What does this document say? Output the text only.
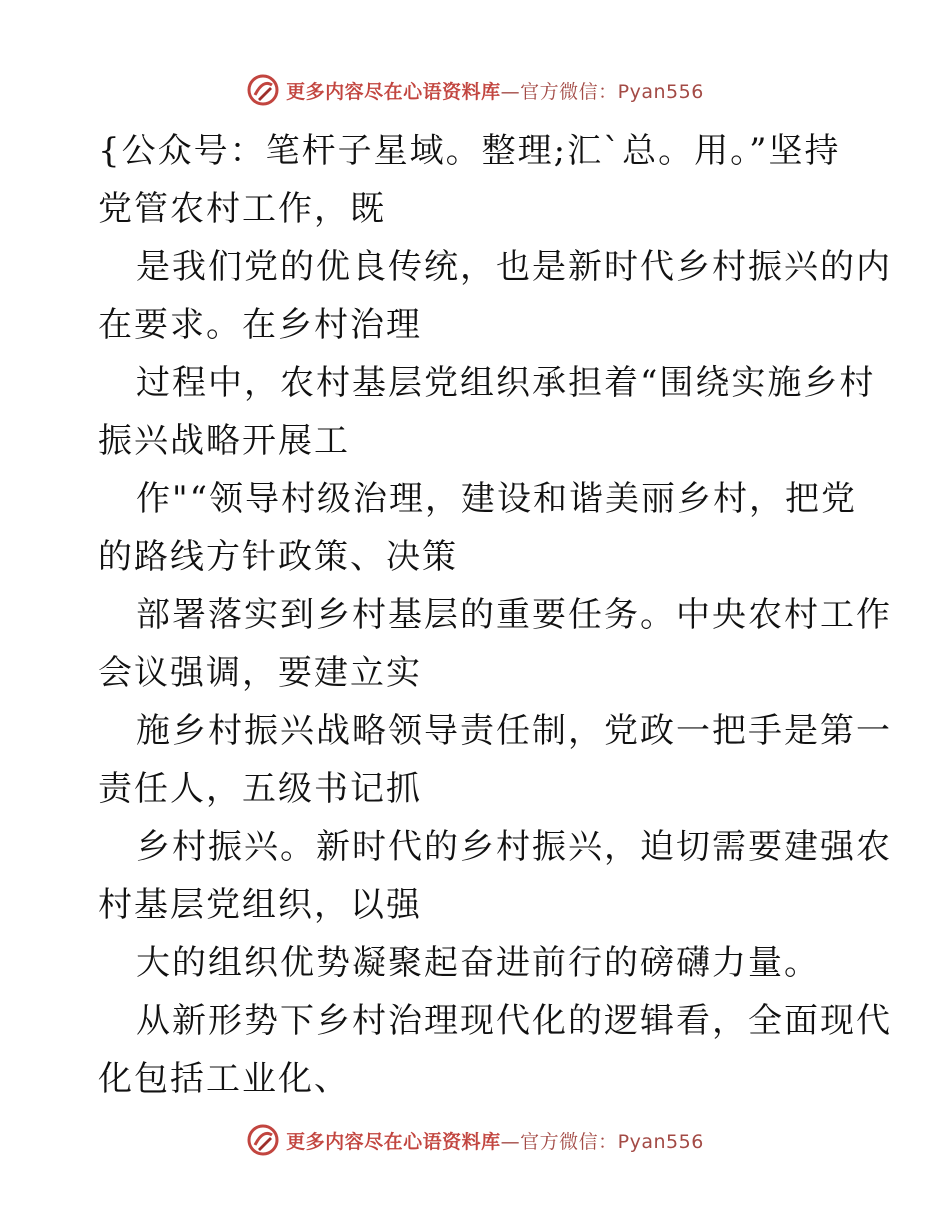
更多内容尽在心语资料库—官方微信：Pyan556
{公众号：笔杆子星域。整理;汇`总。用。”坚持
党管农村工作，既
是我们党的优良传统，也是新时代乡村振兴的内
在要求。在乡村治理
过程中，农村基层党组织承担着“围绕实施乡村
振兴战略开展工
作"“领导村级治理，建设和谐美丽乡村，把党
的路线方针政策、决策
部署落实到乡村基层的重要任务。中央农村工作
会议强调，要建立实
施乡村振兴战略领导责任制，党政一把手是第一
责任人，五级书记抓
乡村振兴。新时代的乡村振兴，迫切需要建强农
村基层党组织，以强
大的组织优势凝聚起奋进前行的磅礴力量。
从新形势下乡村治理现代化的逻辑看，全面现代
化包括工业化、
更多内容尽在心语资料库—官方微信：Pyan556
